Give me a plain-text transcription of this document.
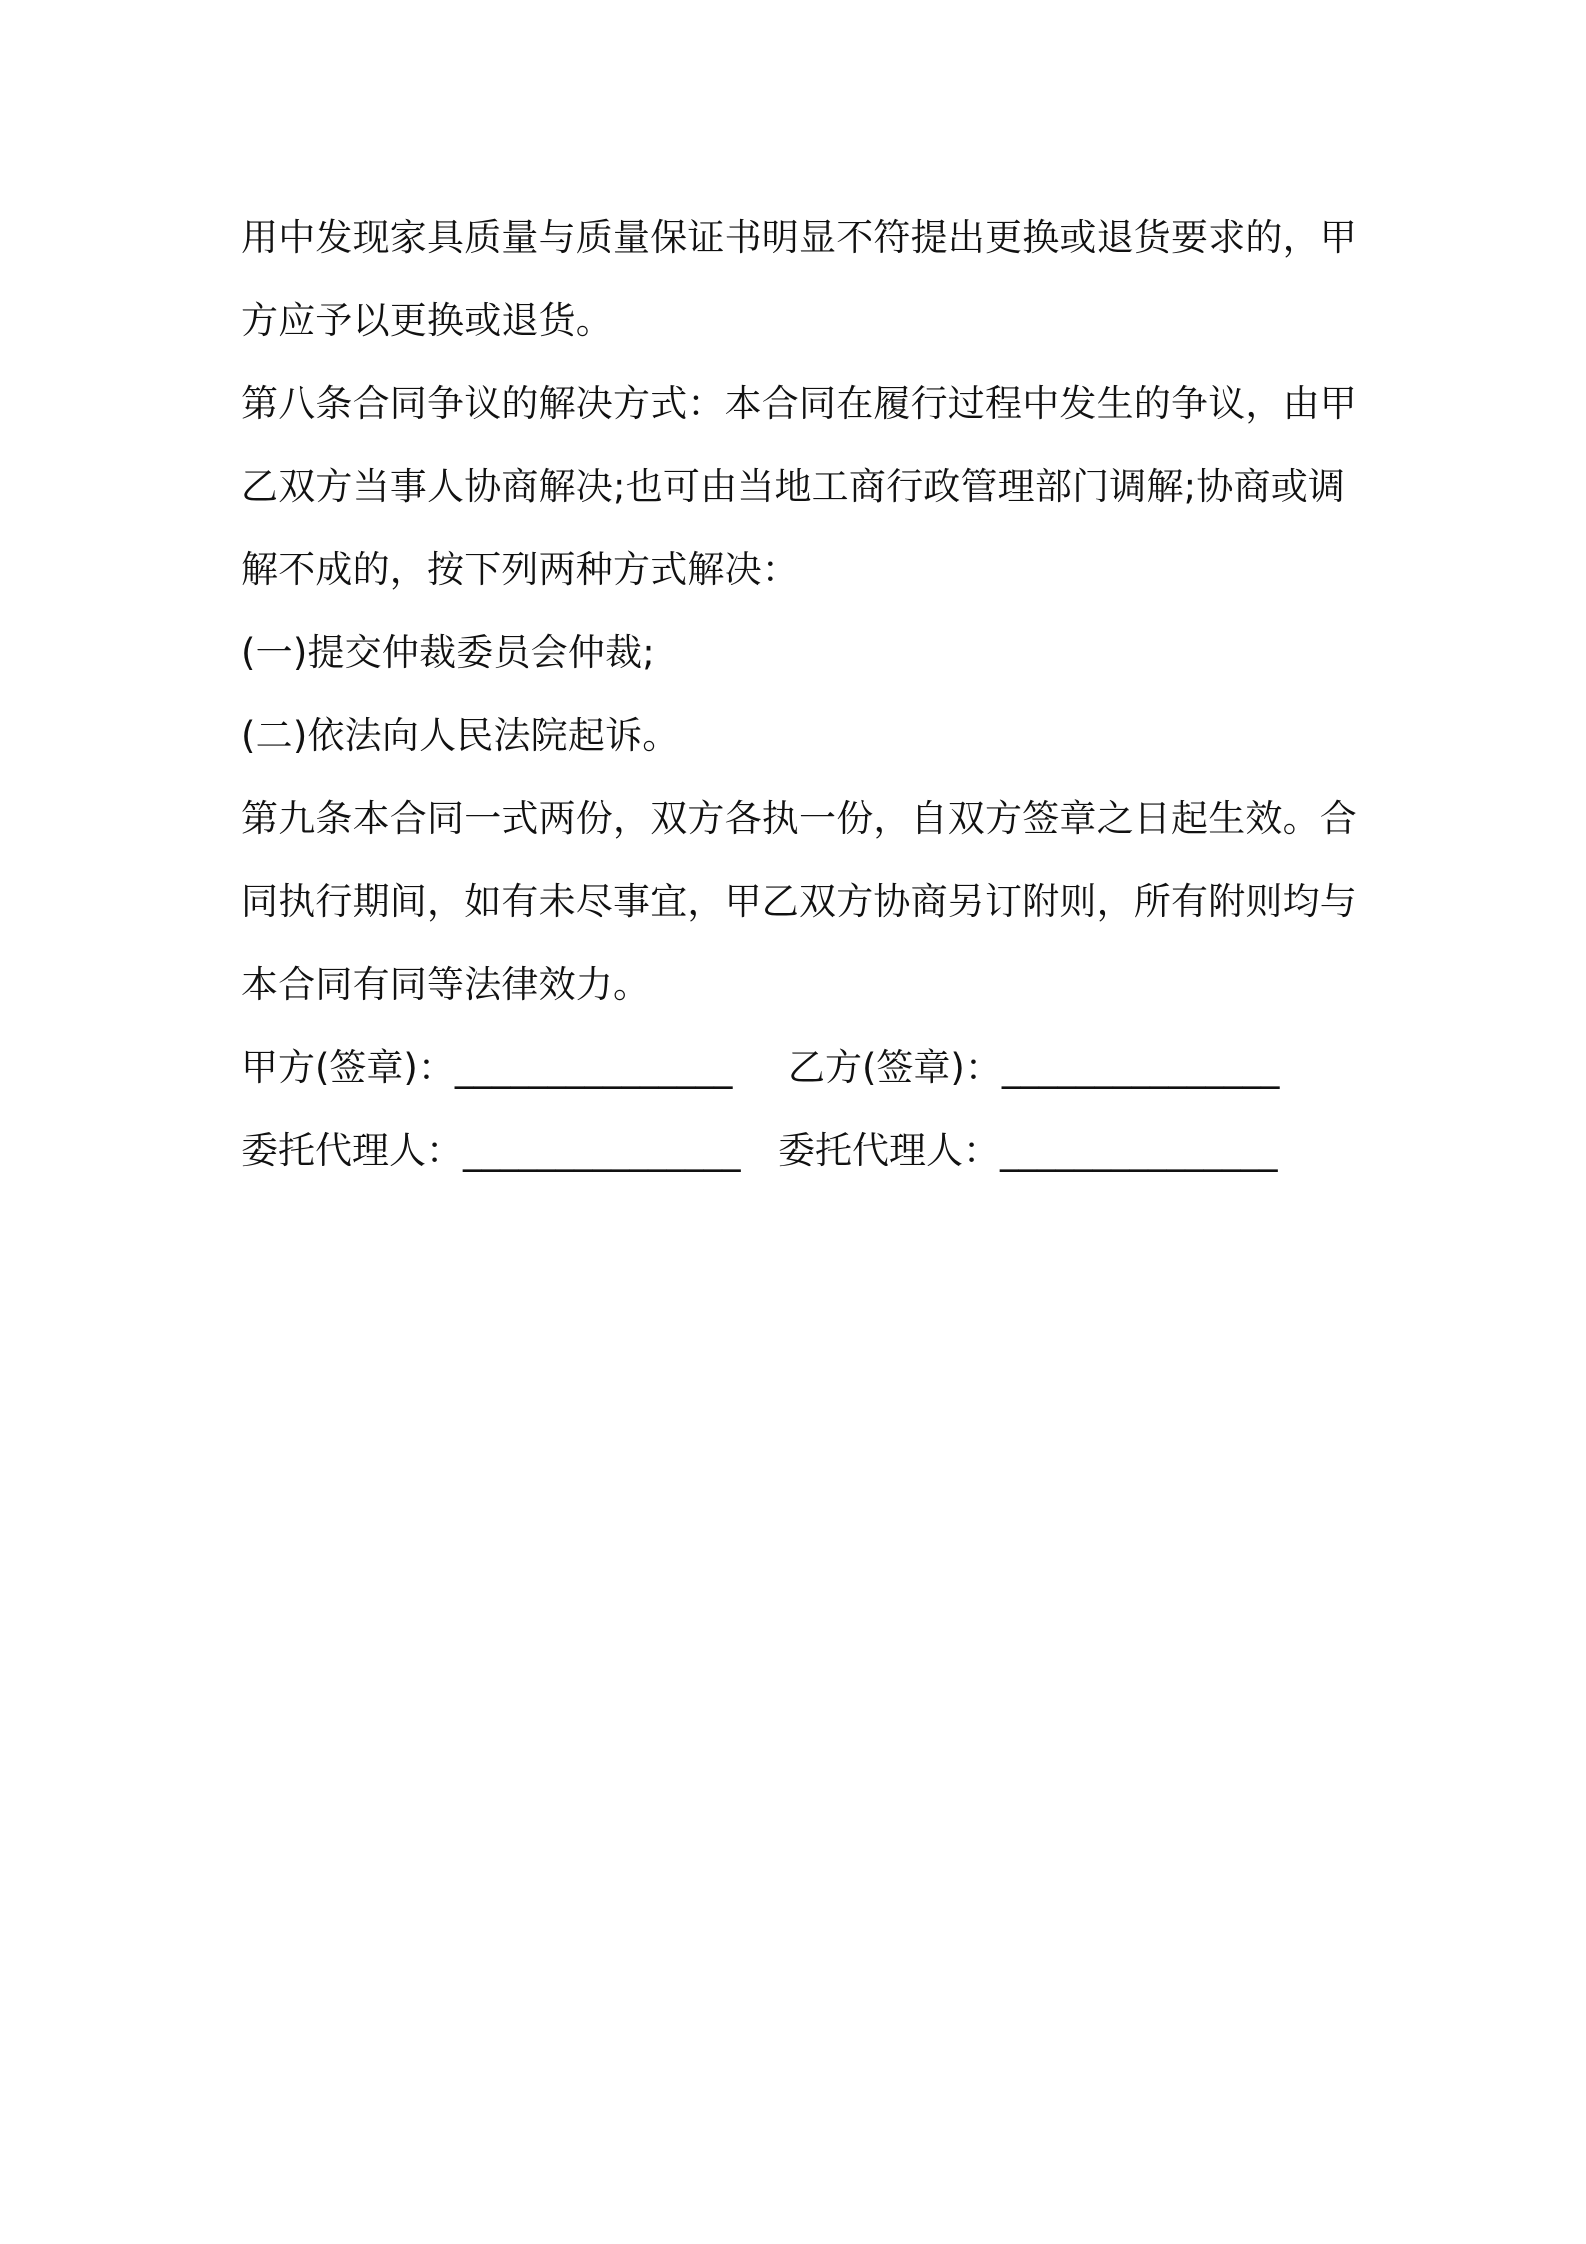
用中发现家具质量与质量保证书明显不符提出更换或退货要求的，甲
方应予以更换或退货。
第八条合同争议的解决方式：本合同在履行过程中发生的争议，由甲
乙双方当事人协商解决;也可由当地工商行政管理部门调解;协商或调
解不成的，按下列两种方式解决：
(一)提交仲裁委员会仲裁;
(二)依法向人民法院起诉。
第九条本合同一式两份，双方各执一份，自双方签章之日起生效。合
同执行期间，如有未尽事宜，甲乙双方协商另订附则，所有附则均与
本合同有同等法律效力。
甲方(签章)：_______________ 乙方(签章)：_______________
委托代理人：_______________ 委托代理人：_______________
